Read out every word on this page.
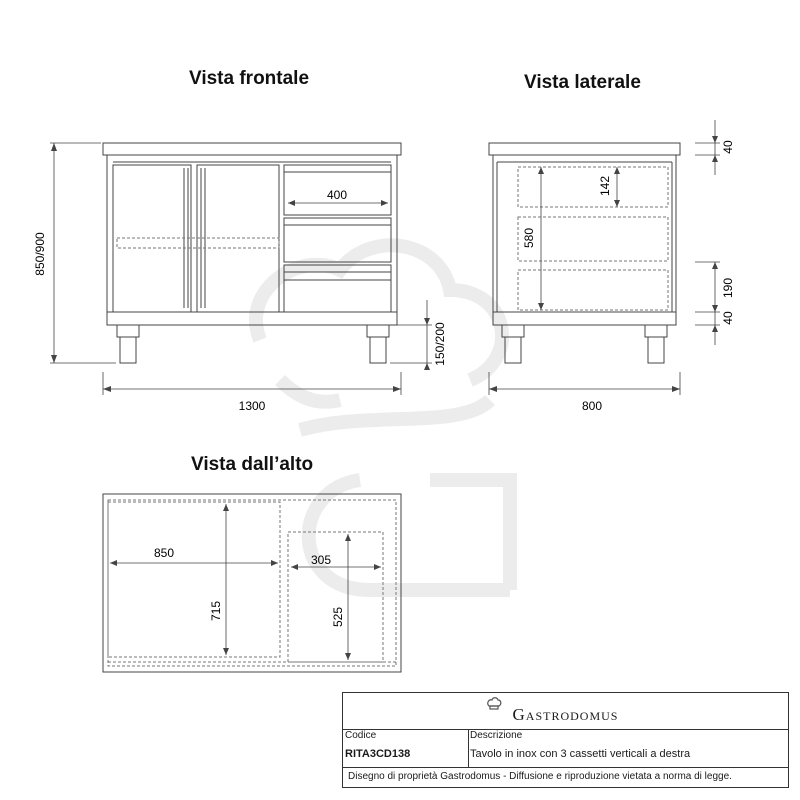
Vista frontale	Vista laterale
Vista dall’alto
850/900
1300
400
150/200
800
580
142
40
190
40
850
715
305
525
Gastrodomus
Codice
RITA3CD138
Descrizione
Tavolo in inox con 3 cassetti verticali a destra
Disegno di proprietà Gastrodomus - Diffusione e riproduzione vietata a norma di legge.
